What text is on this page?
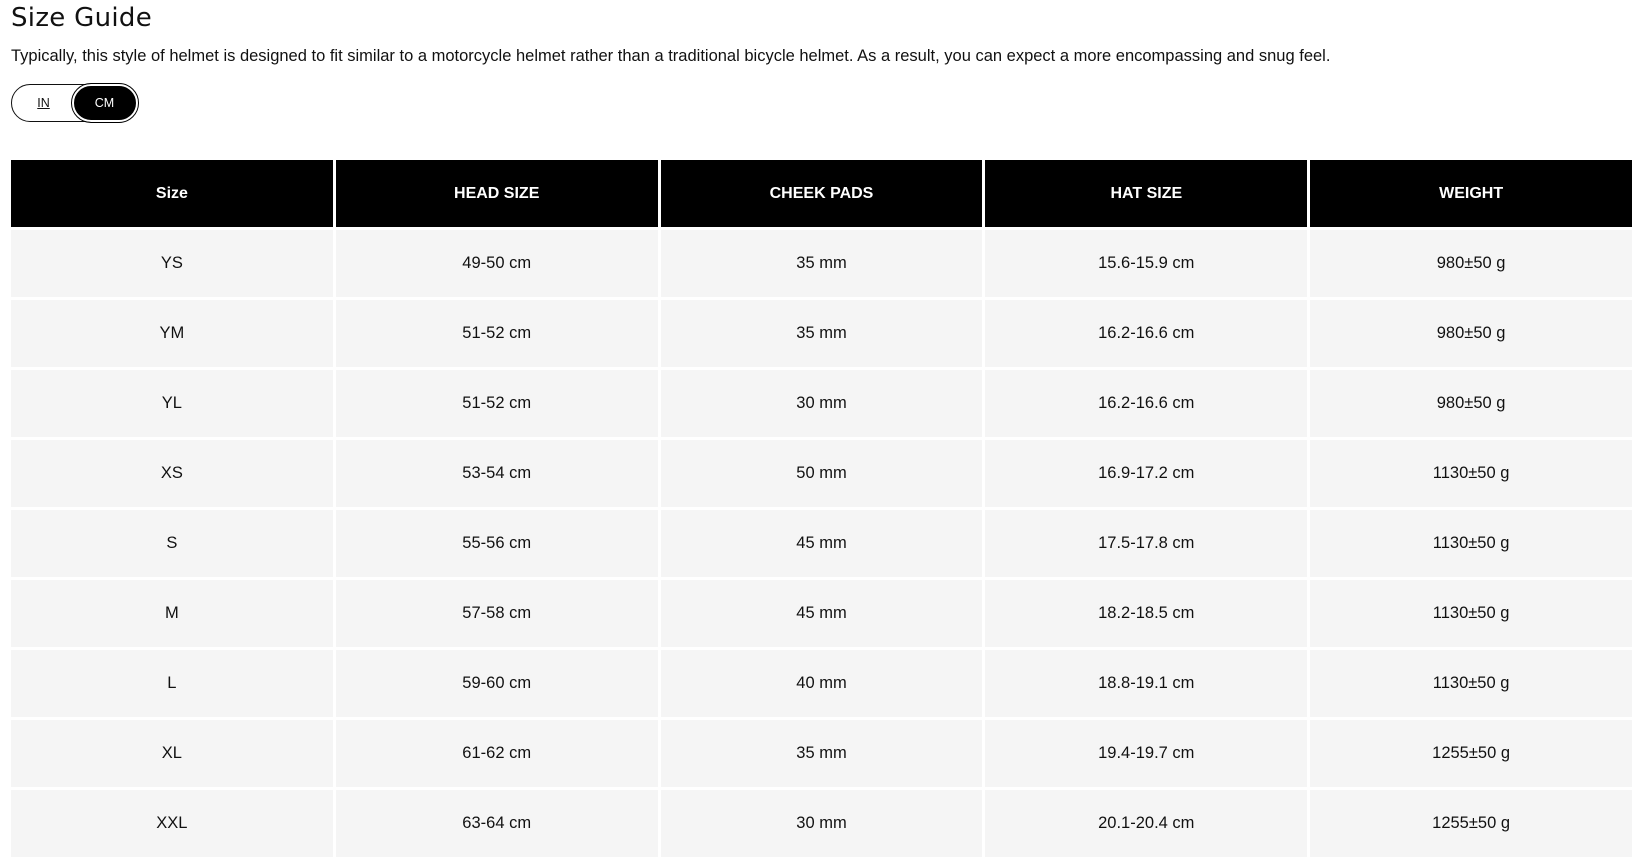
Size Guide

Typically, this style of helmet is designed to fit similar to a motorcycle helmet rather than a traditional bicycle helmet. As a result, you can expect a more encompassing and snug feel.

IN	CM
Size	HEAD SIZE	CHEEK PADS	HAT SIZE	WEIGHT
YS	49-50 cm	35 mm	15.6-15.9 cm	980±50 g
YM	51-52 cm	35 mm	16.2-16.6 cm	980±50 g
YL	51-52 cm	30 mm	16.2-16.6 cm	980±50 g
XS	53-54 cm	50 mm	16.9-17.2 cm	1130±50 g
S	55-56 cm	45 mm	17.5-17.8 cm	1130±50 g
M	57-58 cm	45 mm	18.2-18.5 cm	1130±50 g
L	59-60 cm	40 mm	18.8-19.1 cm	1130±50 g
XL	61-62 cm	35 mm	19.4-19.7 cm	1255±50 g
XXL	63-64 cm	30 mm	20.1-20.4 cm	1255±50 g
